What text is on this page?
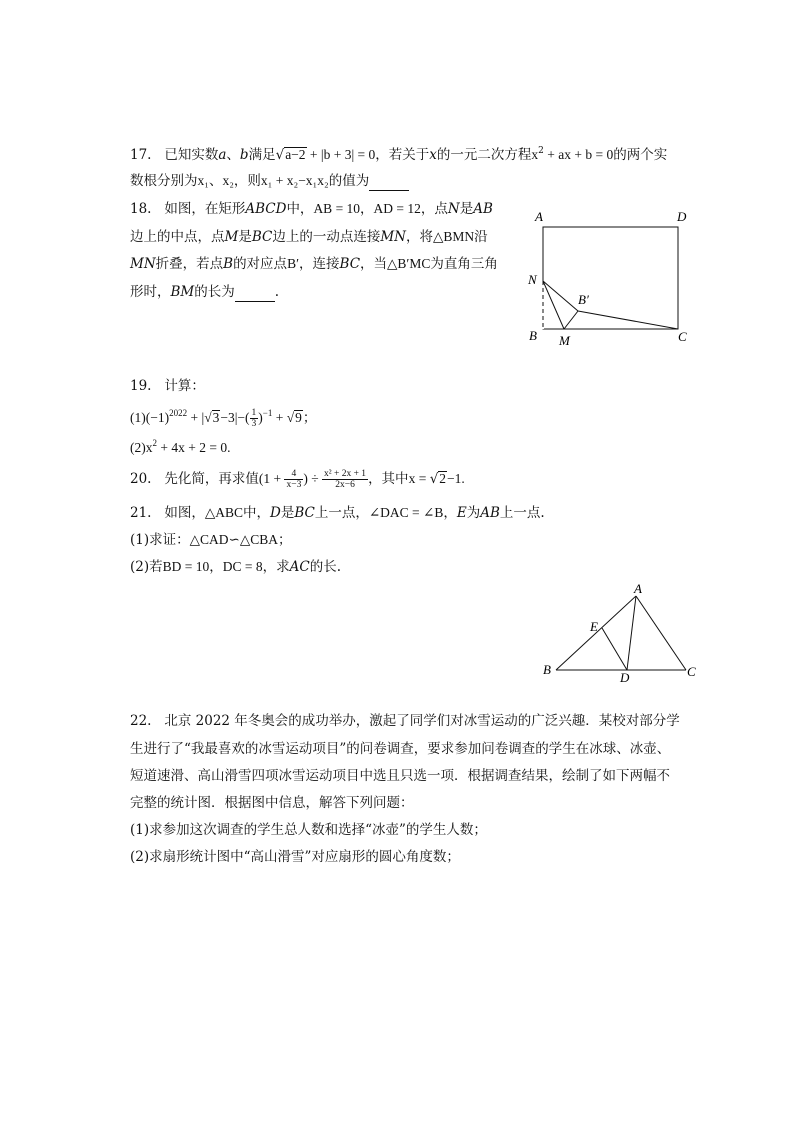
17. 已知实数a、b满足√a−2 + |b + 3| = 0，若关于x的一元二次方程$x^2$ + ax + b = 0的两个实
数根分别为x₁、x₂，则x₁ + x₂−x₁x₂的值为
18. 如图，在矩形ABCD中，AB = 10，AD = 12，点N是AB
边上的中点，点M是BC边上的一动点连接MN，将△BMN沿
MN折叠，若点B的对应点B′，连接BC，当△B′MC为直角三角
形时，BM的长为	.
A	D
N
B′
B M	C
19. 计算：
$(1)(-1)^{2022} + |√3-3|-( \frac{1}{3} )^{-1} + √9$；
$(2)x^2 + 4x + 2 = 0$.
20. 先化简，再求值($1 + \frac{4}{x-3}$ ) ÷ $\frac{\text{x² + 2x + 1}}{2x-6}$ ，其中x = √2−1.
21. 如图，△ABC中，D是BC上一点，∠DAC = ∠B，E为AB上一点.
(1)求证：△CAD∽△CBA；
(2)若BD = 10，DC = 8，求AC的长.
A
E
B
D	C
22. 北京 2022 年冬奥会的成功举办，激起了同学们对冰雪运动的广泛兴趣．某校对部分学
生进行了“我最喜欢的冰雪运动项目”的问卷调查，要求参加问卷调查的学生在冰球、冰壶、
短道速滑、高山滑雪四项冰雪运动项目中选且只选一项．根据调查结果，绘制了如下两幅不
完整的统计图．根据图中信息，解答下列问题：
(1)求参加这次调查的学生总人数和选择“冰壶”的学生人数；
(2)求扇形统计图中“高山滑雪”对应扇形的圆心角度数；
